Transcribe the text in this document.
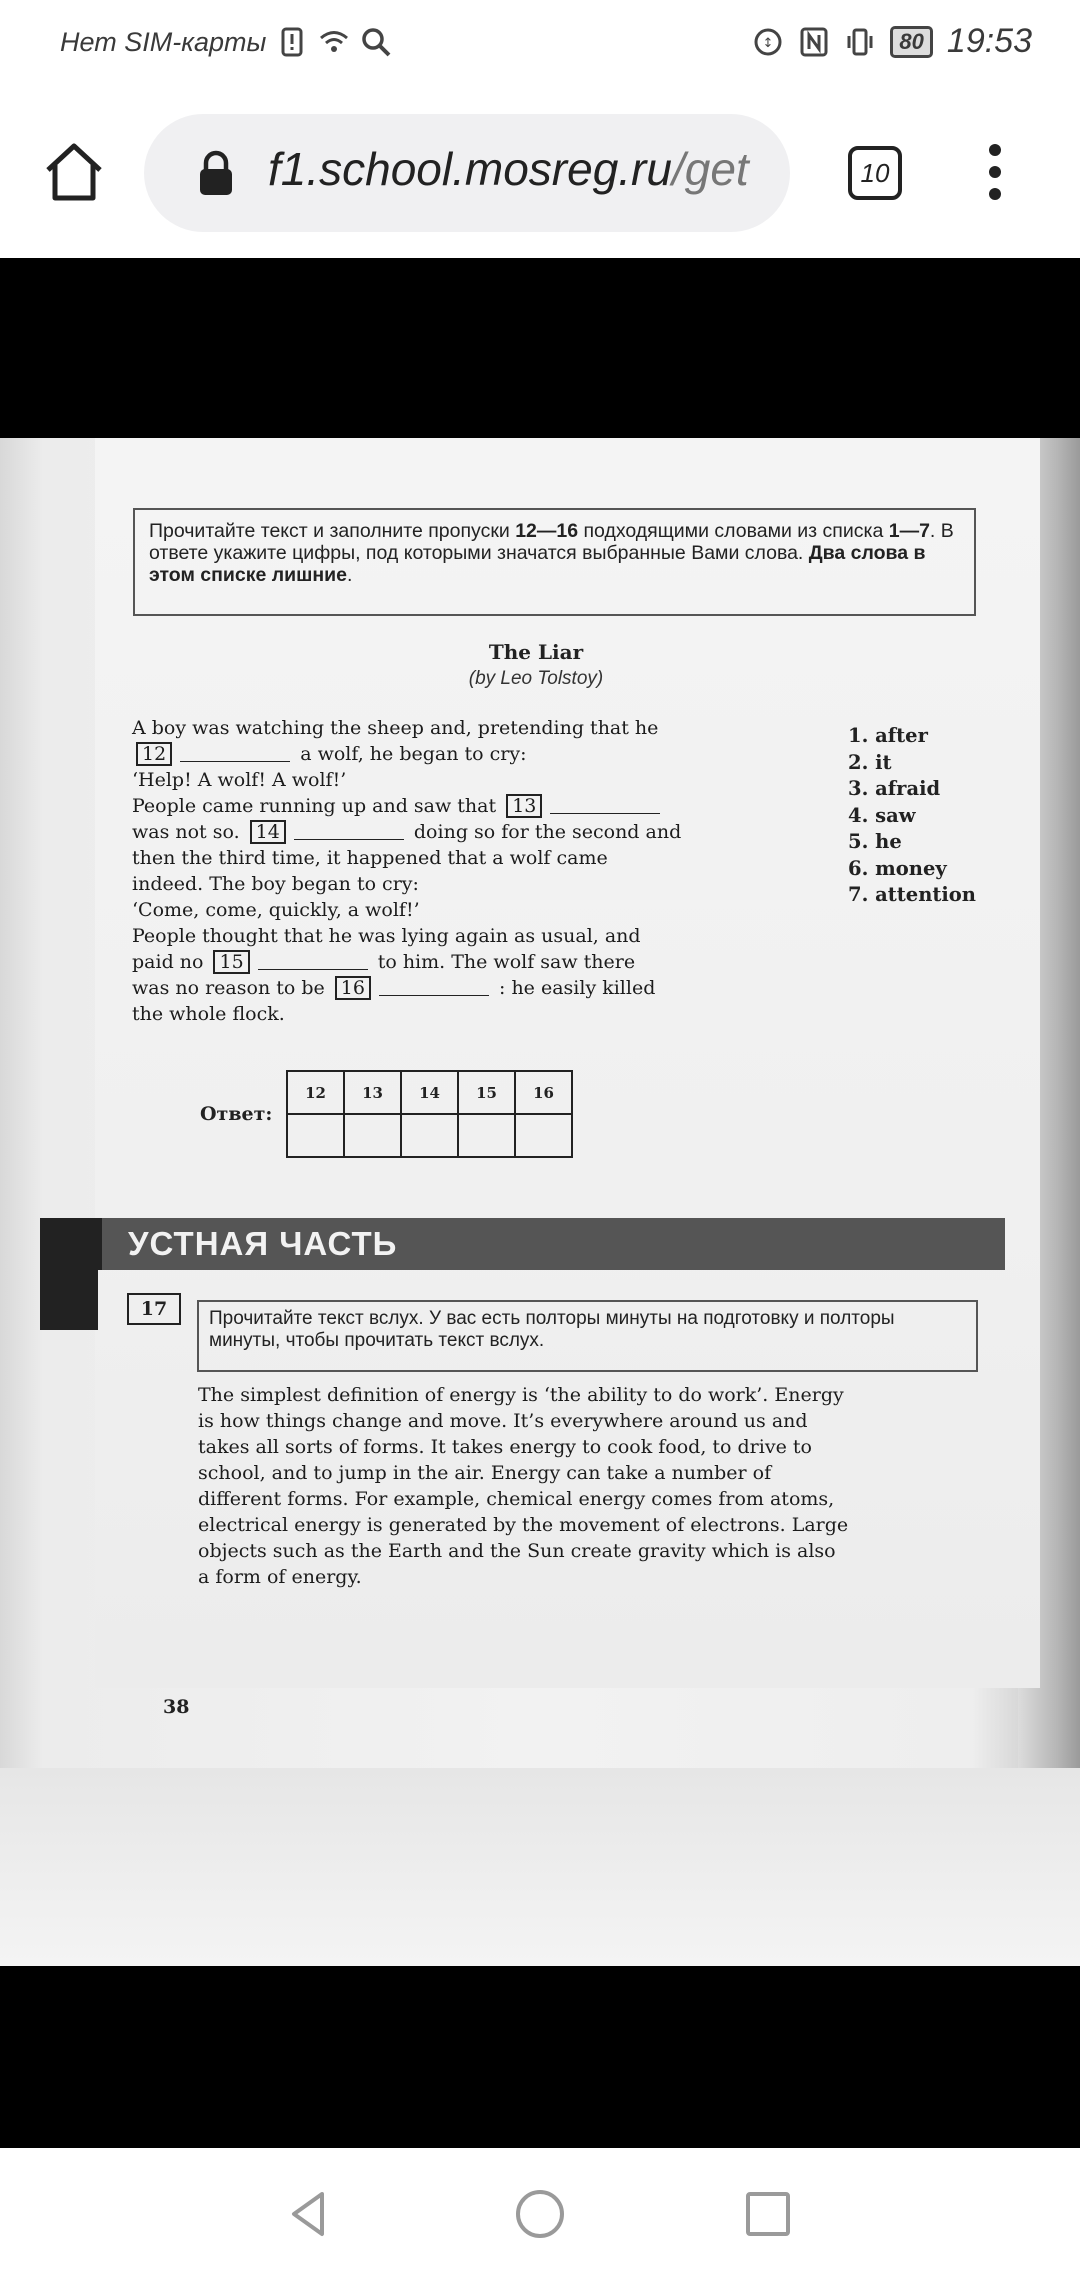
Нет SIM-карты	↕	80 19:53
f1.school.mosreg.ru/get	10
Прочитайте текст и заполните пропуски 12—16 подходящими словами из списка 1—7. В ответе укажите цифры, под которыми значатся выбранные Вами слова. Два слова в этом списке лишние.
The Liar
(by Leo Tolstoy)
A boy was watching the sheep and, pretending that he
12	a wolf, he began to cry:
‘Help! A wolf! A wolf!’
People came running up and saw that 13
was not so. 14	doing so for the second and
then the third time, it happened that a wolf came
indeed. The boy began to cry:
‘Come, come, quickly, a wolf!’
People thought that he was lying again as usual, and
paid no 15	to him. The wolf saw there
was no reason to be 16	: he easily killed
the whole flock.
1. after
2. it
3. afraid
4. saw
5. he
6. money
7. attention
Ответ:
12	13	14	15	16

УСТНАЯ ЧАСТЬ
17	Прочитайте текст вслух. У вас есть полторы минуты на подготовку и полторы минуты, чтобы прочитать текст вслух.
The simplest definition of energy is ‘the ability to do work’. Energy
is how things change and move. It’s everywhere around us and
takes all sorts of forms. It takes energy to cook food, to drive to
school, and to jump in the air. Energy can take a number of
different forms. For example, chemical energy comes from atoms,
electrical energy is generated by the movement of electrons. Large
objects such as the Earth and the Sun create gravity which is also
a form of energy.
38
